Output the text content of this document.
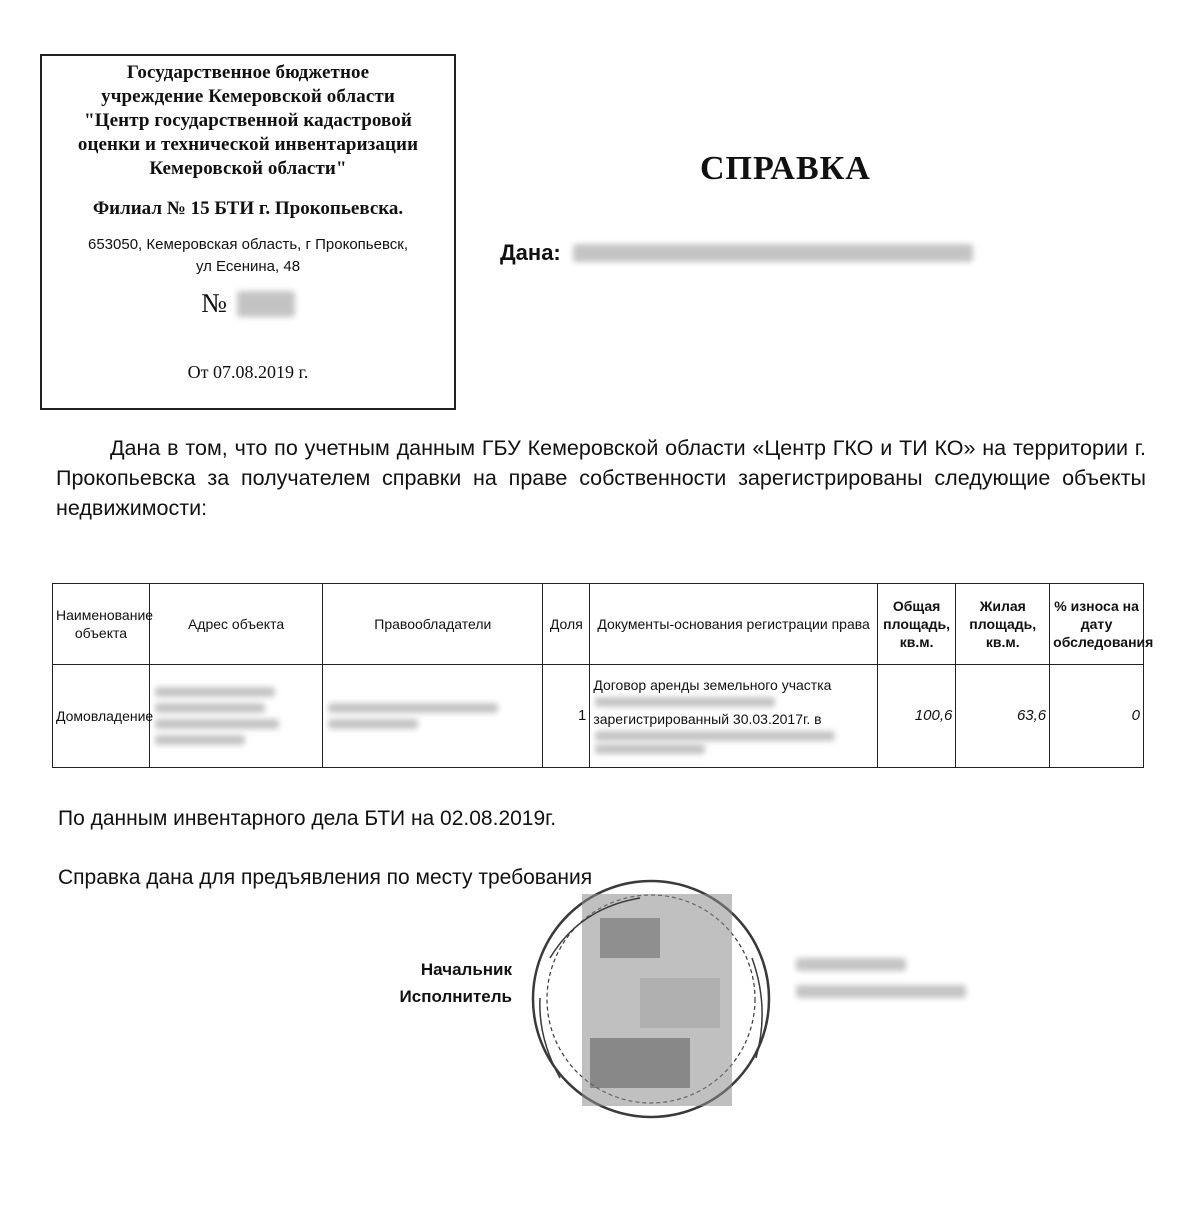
Государственное бюджетное
учреждение Кемеровской области
"Центр государственной кадастровой
оценки и технической инвентаризации
Кемеровской области"
Филиал № 15 БТИ г. Прокопьевска.
653050, Кемеровская область, г Прокопьевск, ул Есенина, 48
№
От 07.08.2019 г.
СПРАВКА
Дана:
Дана в том, что по учетным данным ГБУ Кемеровской области «Центр ГКО и ТИ КО» на территории г. Прокопьевска за получателем справки на праве собственности зарегистрированы следующие объекты недвижимости:
Наименование объекта	Адрес объекта	Правообладатели	Доля	Документы-основания регистрации права	Общая площадь, кв.м.	Жилая площадь, кв.м.	% износа на дату обследования
Домовладение			1	Договор аренды земельного участка
зарегистрированный 30.03.2017г. в	100,6	63,6	0
По данным инвентарного дела БТИ на 02.08.2019г.
Справка дана для предъявления по месту требования
Начальник
Исполнитель
